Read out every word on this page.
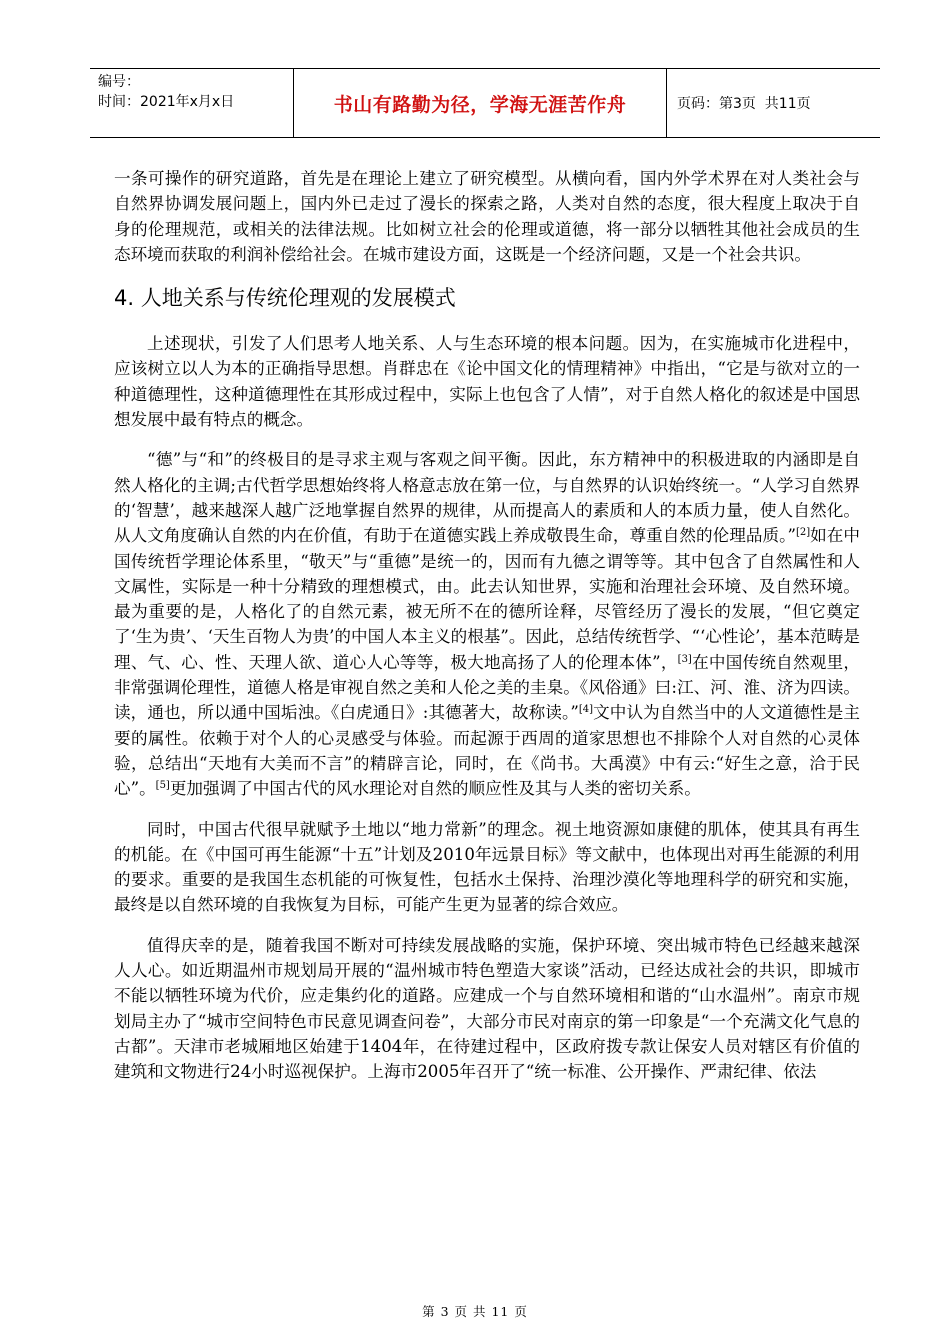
编号：
时间：2021年x月x日	书山有路勤为径，学海无涯苦作舟	页码：第3页  共11页

一条可操作的研究道路，首先是在理论上建立了研究模型。从横向看，国内外学术界在对人类社会与自然界协调发展问题上，国内外已走过了漫长的探索之路，人类对自然的态度，很大程度上取决于自身的伦理规范，或相关的法律法规。比如树立社会的伦理或道德，将一部分以牺牲其他社会成员的生态环境而获取的利润补偿给社会。在城市建设方面，这既是一个经济问题，又是一个社会共识。

4. 人地关系与传统伦理观的发展模式

上述现状，引发了人们思考人地关系、人与生态环境的根本问题。因为，在实施城市化进程中，应该树立以人为本的正确指导思想。肖群忠在《论中国文化的情理精神》中指出，“它是与欲对立的一种道德理性，这种道德理性在其形成过程中，实际上也包含了人情”，对于自然人格化的叙述是中国思想发展中最有特点的概念。

“德”与“和”的终极目的是寻求主观与客观之间平衡。因此，东方精神中的积极进取的内涵即是自然人格化的主调;古代哲学思想始终将人格意志放在第一位，与自然界的认识始终统一。“人学习自然界的‘智慧’，越来越深人越广泛地掌握自然界的规律，从而提高人的素质和人的本质力量，使人自然化。从人文角度确认自然的内在价值，有助于在道德实践上养成敬畏生命，尊重自然的伦理品质。”[2]如在中国传统哲学理论体系里，“敬天”与“重德”是统一的，因而有九德之谓等等。其中包含了自然属性和人文属性，实际是一种十分精致的理想模式，由。此去认知世界，实施和治理社会环境、及自然环境。最为重要的是，人格化了的自然元素，被无所不在的德所诠释，尽管经历了漫长的发展，“但它奠定了‘生为贵’、‘天生百物人为贵’的中国人本主义的根基”。因此，总结传统哲学、“‘心性论’，基本范畴是理、气、心、性、天理人欲、道心人心等等，极大地高扬了人的伦理本体”，[3]在中国传统自然观里，非常强调伦理性，道德人格是审视自然之美和人伦之美的圭臬。《风俗通》曰:江、河、淮、济为四读。读，通也，所以通中国垢浊。《白虎通日》:其德著大，故称读。”[4]文中认为自然当中的人文道德性是主要的属性。依赖于对个人的心灵感受与体验。而起源于西周的道家思想也不排除个人对自然的心灵体验，总结出“天地有大美而不言”的精辟言论，同时，在《尚书。大禹漠》中有云:“好生之意，洽于民心”。[5]更加强调了中国古代的风水理论对自然的顺应性及其与人类的密切关系。

同时，中国古代很早就赋予土地以“地力常新”的理念。视土地资源如康健的肌体，使其具有再生的机能。在《中国可再生能源“十五”计划及2010年远景目标》等文献中，也体现出对再生能源的利用的要求。重要的是我国生态机能的可恢复性，包括水土保持、治理沙漠化等地理科学的研究和实施，最终是以自然环境的自我恢复为目标，可能产生更为显著的综合效应。

值得庆幸的是，随着我国不断对可持续发展战略的实施，保护环境、突出城市特色已经越来越深人人心。如近期温州市规划局开展的“温州城市特色塑造大家谈”活动，已经达成社会的共识，即城市不能以牺牲环境为代价，应走集约化的道路。应建成一个与自然环境相和谐的“山水温州”。南京市规划局主办了“城市空间特色市民意见调查问卷”，大部分市民对南京的第一印象是“一个充满文化气息的古都”。天津市老城厢地区始建于1404年，在待建过程中，区政府拨专款让保安人员对辖区有价值的建筑和文物进行24小时巡视保护。上海市2005年召开了“统一标准、公开操作、严肃纪律、依法

第 3 页 共 11 页
